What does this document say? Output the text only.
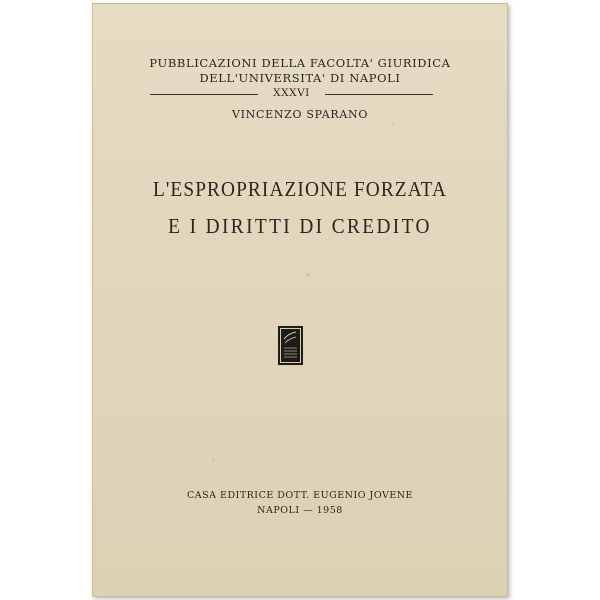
PUBBLICAZIONI DELLA FACOLTA' GIURIDICA
DELL'UNIVERSITA' DI NAPOLI
XXXVI
VINCENZO SPARANO
L'ESPROPRIAZIONE FORZATA
E I DIRITTI DI CREDITO
CASA EDITRICE DOTT. EUGENIO JOVENE
NAPOLI — 1958
